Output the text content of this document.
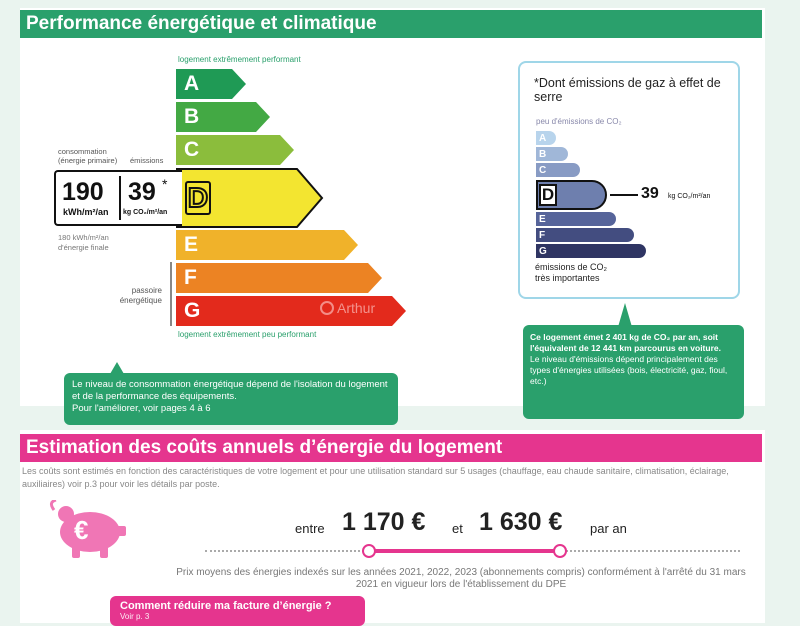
Performance énergétique et climatique
logement extrêmement performant
A
B
C
D
E
F
G
passoire
énergétique	Arthur
logement extrêmement peu performant
consommation
(énergie primaire) émissions
190
kWh/m²/an
39 *
kg CO₂/m²/an
180 kWh/m²/an
d'énergie finale
Le niveau de consommation énergétique dépend de l'isolation du logement et de la performance des équipements.
Pour l'améliorer, voir pages 4 à 6
*Dont émissions de gaz à effet de serre
peu d'émissions de CO₂
A
B
C
D	39 kg CO₂/m²/an
E
F
G
émissions de CO₂
très importantes
Ce logement émet 2 401 kg de CO₂ par an, soit l'équivalent de 12 441 km parcourus en voiture.
Le niveau d'émissions dépend principalement des types d'énergies utilisées (bois, électricité, gaz, fioul, etc.)
Estimation des coûts annuels d’énergie du logement
Les coûts sont estimés en fonction des caractéristiques de votre logement et pour une utilisation standard sur 5 usages (chauffage, eau chaude sanitaire, climatisation, éclairage, auxiliaires) voir p.3 pour voir les détails par poste.
€	entre 1 170 € et 1 630 € par an
Prix moyens des énergies indexés sur les années 2021, 2022, 2023 (abonnements compris) conformément à l'arrêté du 31 mars 2021 en vigueur lors de l'établissement du DPE
Comment réduire ma facture d’énergie ?
Voir p. 3
